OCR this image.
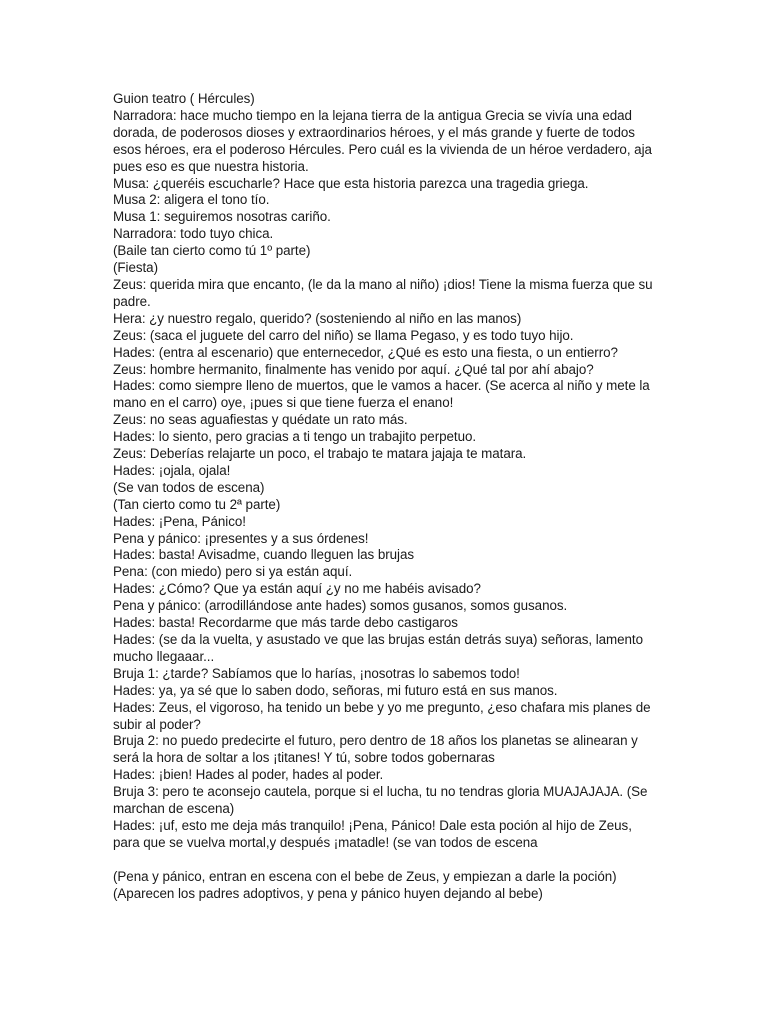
Guion teatro ( Hércules)

Narradora: hace mucho tiempo en la lejana tierra de la antigua Grecia se vivía una edad dorada, de poderosos dioses y extraordinarios héroes, y el más grande y fuerte de todos esos héroes, era el poderoso Hércules. Pero cuál es la vivienda de un héroe verdadero, aja pues eso es que nuestra historia.

Musa: ¿queréis escucharle? Hace que esta historia parezca una tragedia griega.

Musa 2: aligera el tono tío.

Musa 1: seguiremos nosotras cariño.

Narradora: todo tuyo chica.

(Baile tan cierto como tú 1º parte)

(Fiesta)

Zeus: querida mira que encanto, (le da la mano al niño) ¡dios! Tiene la misma fuerza que su padre.

Hera: ¿y nuestro regalo, querido? (sosteniendo al niño en las manos)

Zeus: (saca el juguete del carro del niño) se llama Pegaso, y es todo tuyo hijo.

Hades: (entra al escenario) que enternecedor, ¿Qué es esto una fiesta, o un entierro?

Zeus: hombre hermanito, finalmente has venido por aquí. ¿Qué tal por ahí abajo?

Hades: como siempre lleno de muertos, que le vamos a hacer. (Se acerca al niño y mete la mano en el carro) oye, ¡pues si que tiene fuerza el enano!

Zeus: no seas aguafiestas y quédate un rato más.

Hades: lo siento, pero gracias a ti tengo un trabajito perpetuo.

Zeus: Deberías relajarte un poco, el trabajo te matara jajaja te matara.

Hades: ¡ojala, ojala!

(Se van todos de escena)

(Tan cierto como tu 2ª parte)

Hades: ¡Pena, Pánico!

Pena y pánico: ¡presentes y a sus órdenes!

Hades: basta! Avisadme, cuando lleguen las brujas

Pena: (con miedo) pero si ya están aquí.

Hades: ¿Cómo? Que ya están aquí ¿y no me habéis avisado?

Pena y pánico: (arrodillándose ante hades) somos gusanos, somos gusanos.

Hades: basta! Recordarme que más tarde debo castigaros

Hades: (se da la vuelta, y asustado ve que las brujas están detrás suya) señoras, lamento mucho llegaaar...

Bruja 1: ¿tarde? Sabíamos que lo harías, ¡nosotras lo sabemos todo!

Hades: ya, ya sé que lo saben dodo, señoras, mi futuro está en sus manos.

Hades: Zeus, el vigoroso, ha tenido un bebe y yo me pregunto, ¿eso chafara mis planes de subir al poder?

Bruja 2: no puedo predecirte el futuro, pero dentro de 18 años los planetas se alinearan y será la hora de soltar a los ¡titanes! Y tú, sobre todos gobernaras

Hades: ¡bien! Hades al poder, hades al poder.

Bruja 3: pero te aconsejo cautela, porque si el lucha, tu no tendras gloria MUAJAJAJA. (Se marchan de escena)

Hades: ¡uf, esto me deja más tranquilo! ¡Pena, Pánico! Dale esta poción al hijo de Zeus, para que se vuelva mortal,y después ¡matadle! (se van todos de escena

(Pena y pánico, entran en escena con el bebe de Zeus, y empiezan a darle la poción) (Aparecen los padres adoptivos, y pena y pánico huyen dejando al bebe)
